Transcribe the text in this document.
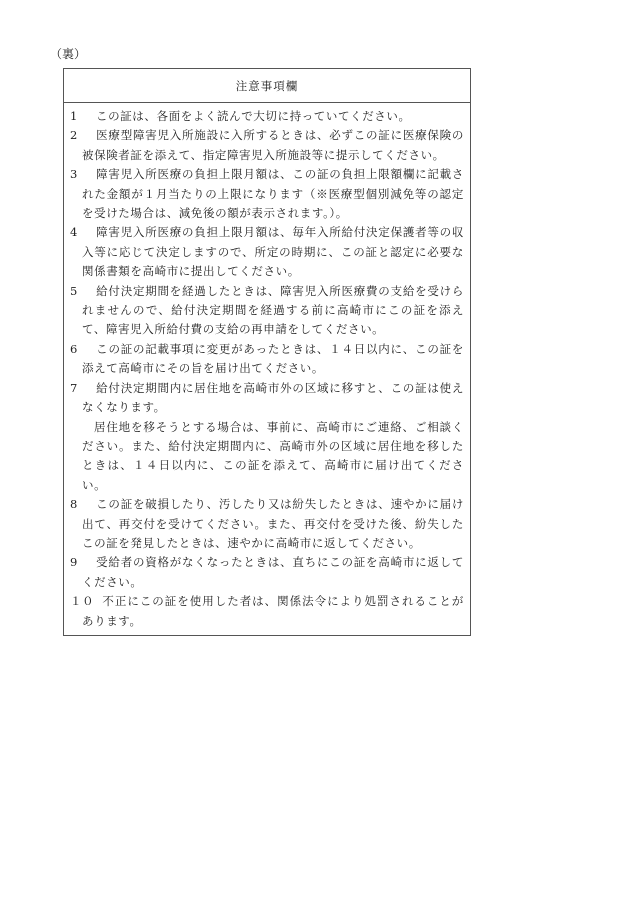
（裏）
注意事項欄
1 この証は、各面をよく読んで大切に持っていてください。
2 医療型障害児入所施設に入所するときは、必ずこの証に医療保険の被保険者証を添えて、指定障害児入所施設等に提示してください。
3 障害児入所医療の負担上限月額は、この証の負担上限額欄に記載された金額が１月当たりの上限になります（※医療型個別減免等の認定を受けた場合は、減免後の額が表示されます。）。
4 障害児入所医療の負担上限月額は、毎年入所給付決定保護者等の収入等に応じて決定しますので、所定の時期に、この証と認定に必要な関係書類を高崎市に提出してください。
5 給付決定期間を経過したときは、障害児入所医療費の支給を受けられませんので、給付決定期間を経過する前に高崎市にこの証を添えて、障害児入所給付費の支給の再申請をしてください。
6 この証の記載事項に変更があったときは、１４日以内に、この証を添えて高崎市にその旨を届け出てください。
7 給付決定期間内に居住地を高崎市外の区域に移すと、この証は使えなくなります。
居住地を移そうとする場合は、事前に、高崎市にご連絡、ご相談ください。また、給付決定期間内に、高崎市外の区域に居住地を移したときは、１４日以内に、この証を添えて、高崎市に届け出てください。
8 この証を破損したり、汚したり又は紛失したときは、速やかに届け出て、再交付を受けてください。また、再交付を受けた後、紛失したこの証を発見したときは、速やかに高崎市に返してください。
9 受給者の資格がなくなったときは、直ちにこの証を高崎市に返してください。
１０ 不正にこの証を使用した者は、関係法令により処罰されることがあります。
